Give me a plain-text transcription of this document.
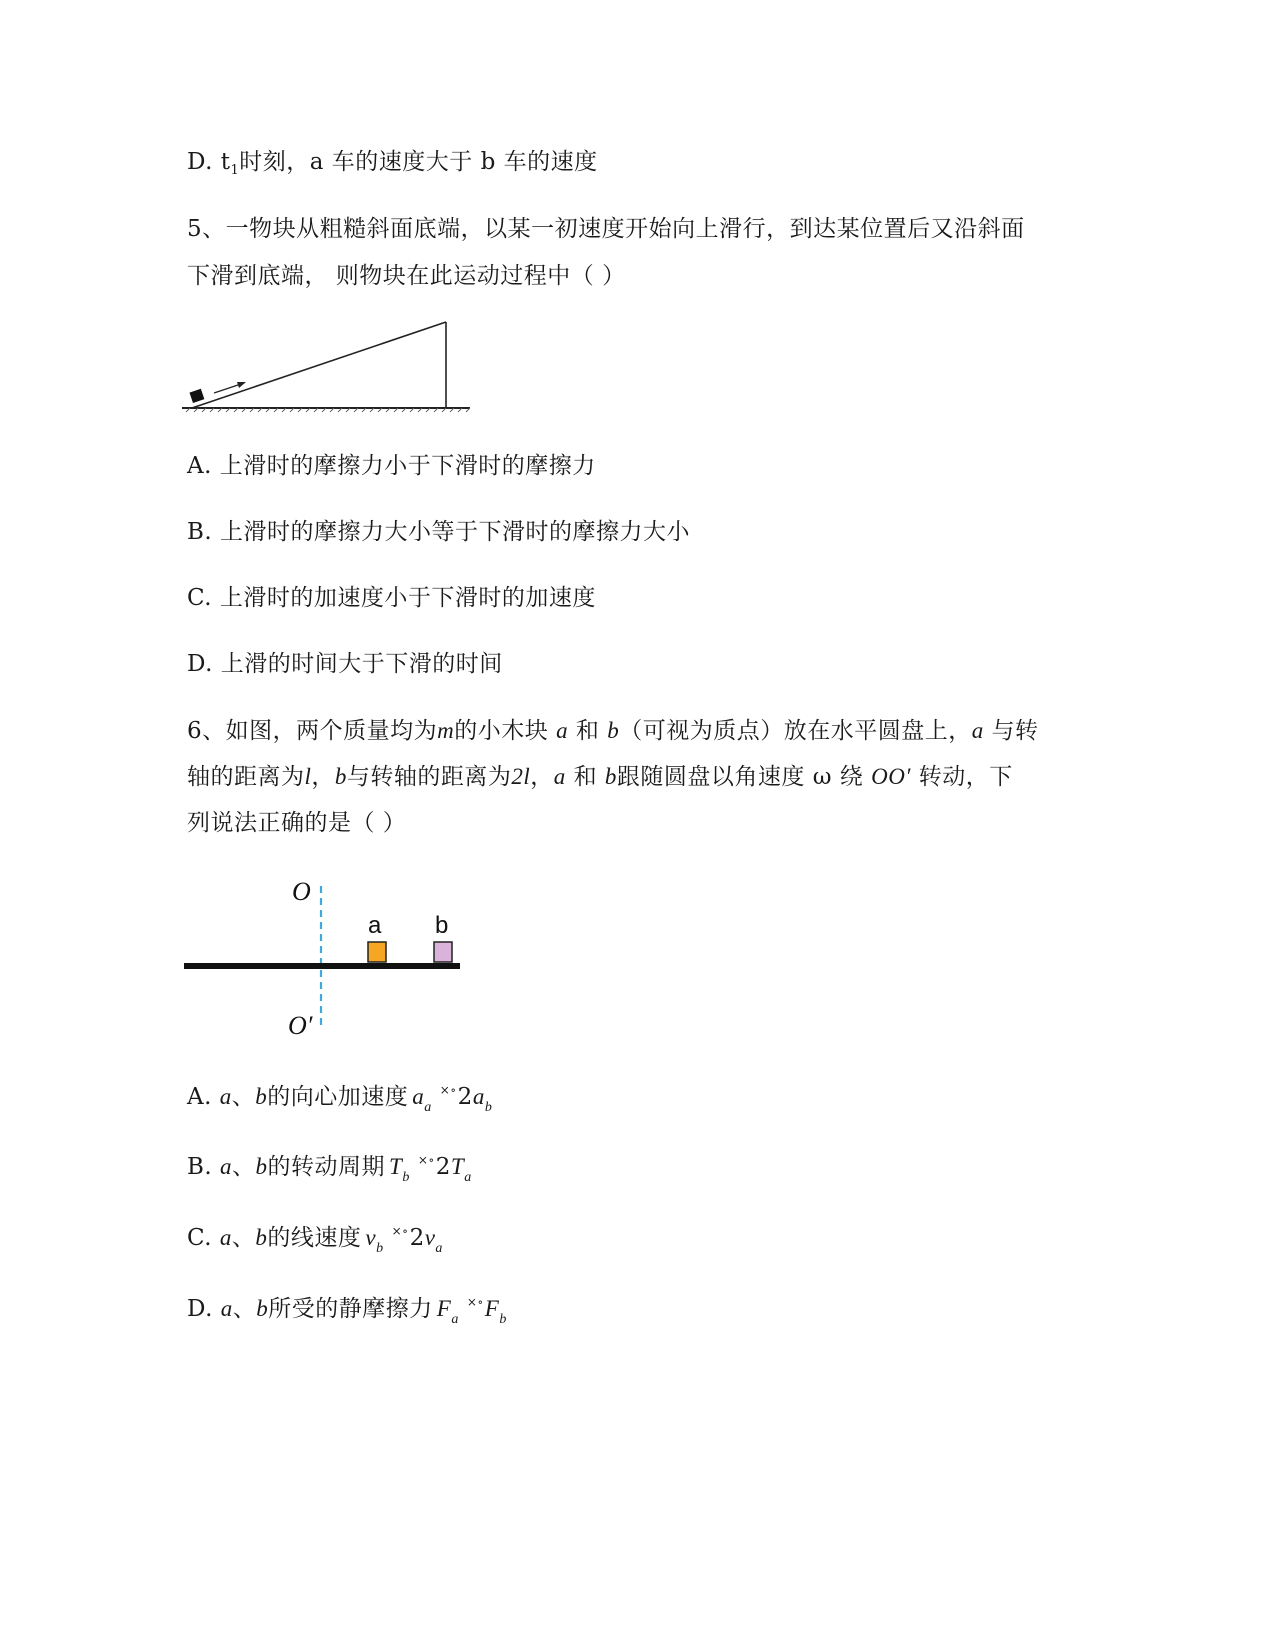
D. $t_1$时刻，a 车的速度大于 b 车的速度
5、一物块从粗糙斜面底端，以某一初速度开始向上滑行，到达某位置后又沿斜面
下滑到底端， 则物块在此运动过程中（ ）
A. 上滑时的摩擦力小于下滑时的摩擦力
B. 上滑时的摩擦力大小等于下滑时的摩擦力大小
C. 上滑时的加速度小于下滑时的加速度
D. 上滑的时间大于下滑的时间
6、如图，两个质量均为m的小木块 a 和 b（可视为质点）放在水平圆盘上，a 与转
轴的距离为l，b与转轴的距离为2l，a 和 b跟随圆盘以角速度 ω 绕 OO′ 转动，下
列说法正确的是（ ）
O
O′
a b
A. a、b的向心加速度 $a_a^{\times\circ}2a_b$
B. a、b的转动周期 $T_b^{\times\circ}2T_a$
C. a、b的线速度 $v_b^{\times\circ}2v_a$
D. a、b所受的静摩擦力 $F_a^{\times\circ}F_b$
